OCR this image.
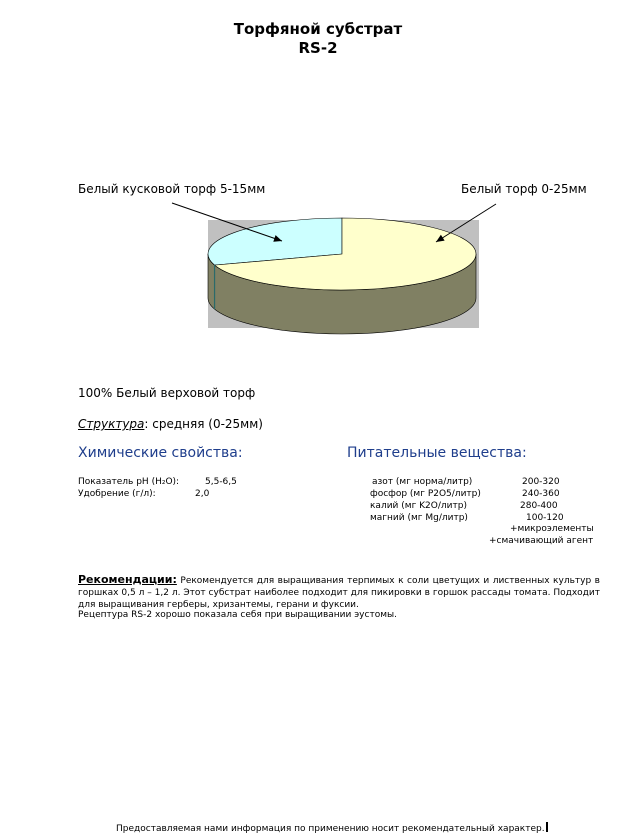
Торфяной субстрат
RS-2
Белый кусковой торф 5-15мм	Белый торф 0-25мм
100% Белый верховой торф
Структура: средняя (0-25мм)
Химические свойства:	Питательные вещества:
Показатель pH (H₂O):	5,5-6,5
Удобрение (г/л):	2,0
азот (мг норма/литр)	200-320
фосфор (мг P2O5/литр)	240-360
калий (мг K2O/литр)	280-400
магний (мг Mg/литр)	100-120
+микроэлементы
+смачивающий агент
Рекомендации: Рекомендуется для выращивания терпимых к соли цветущих и лиственных культур в горшках 0,5 л – 1,2 л. Этот субстрат наиболее подходит для пикировки в горшок рассады томата. Подходит для выращивания герберы, хризантемы, герани и фуксии.
Рецептура RS-2 хорошо показала себя при выращивании эустомы.
Предоставляемая нами информация по применению носит рекомендательный характер.
